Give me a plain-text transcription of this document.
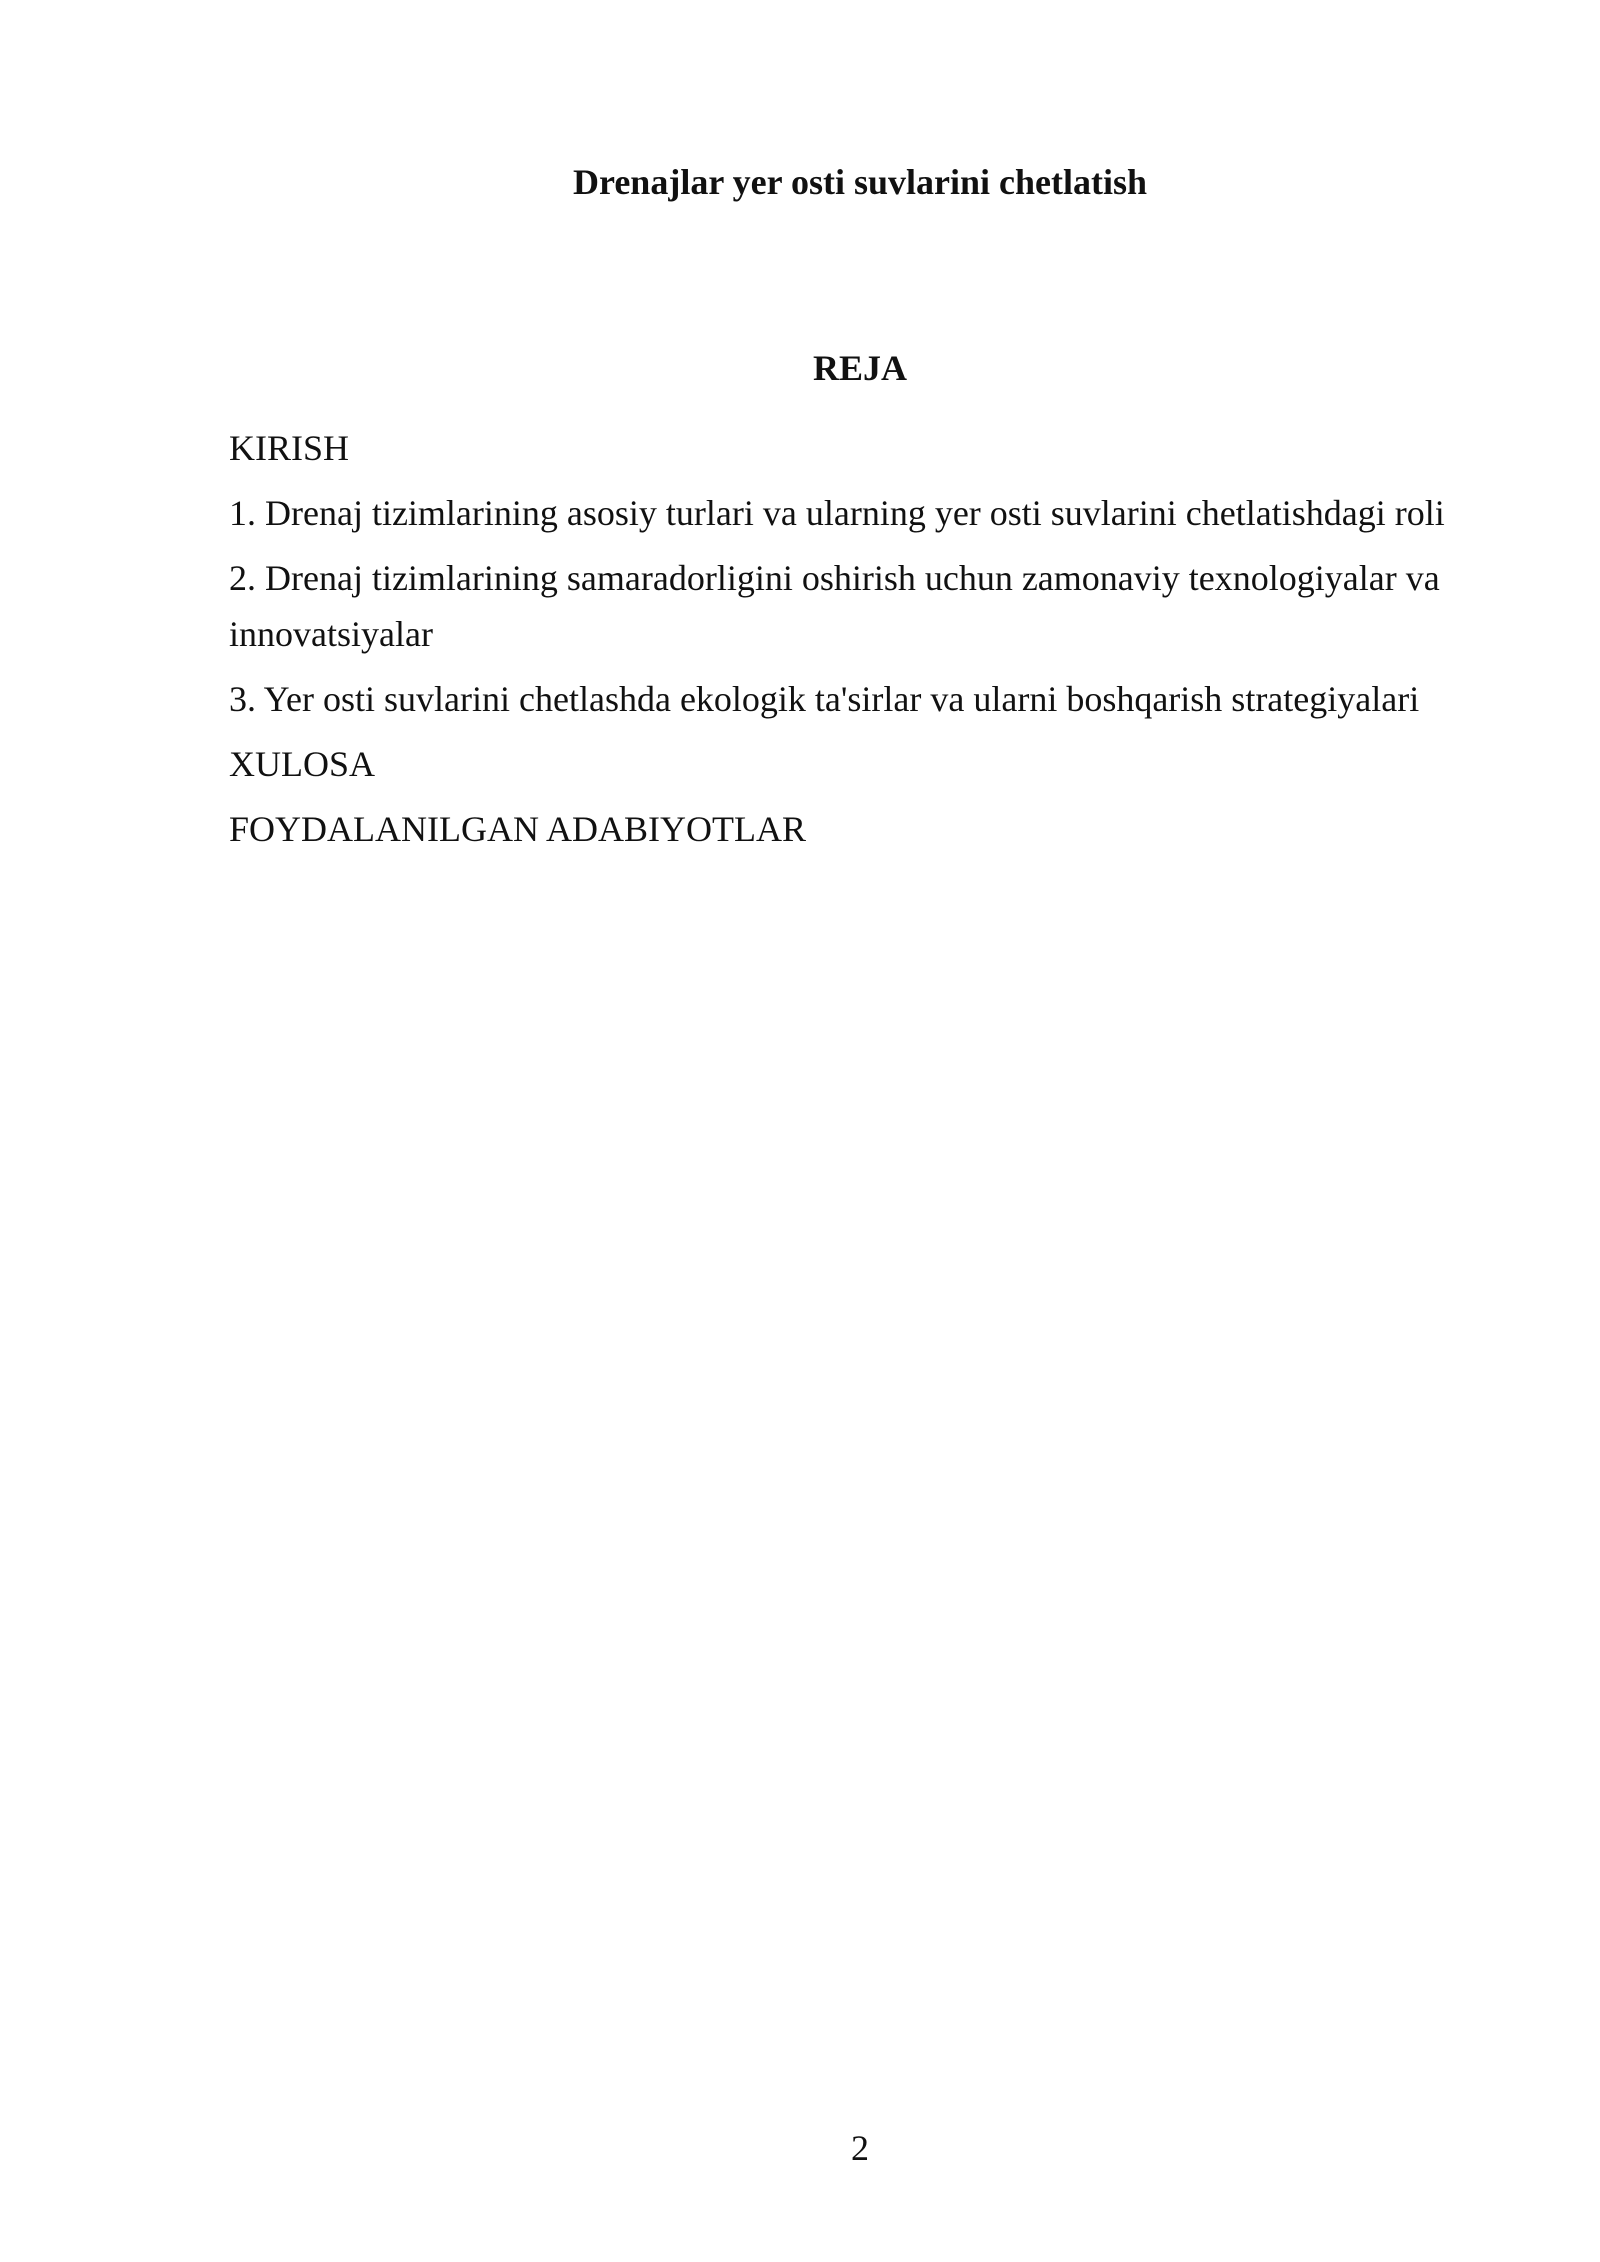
Drenajlar yer osti suvlarini chetlatish
REJA
KIRISH
1. Drenaj tizimlarining asosiy turlari va ularning yer osti suvlarini chetlatishdagi roli
2. Drenaj tizimlarining samaradorligini oshirish uchun zamonaviy texnologiyalar va innovatsiyalar
3. Yer osti suvlarini chetlashda ekologik ta'sirlar va ularni boshqarish strategiyalari
XULOSA
FOYDALANILGAN ADABIYOTLAR
2
